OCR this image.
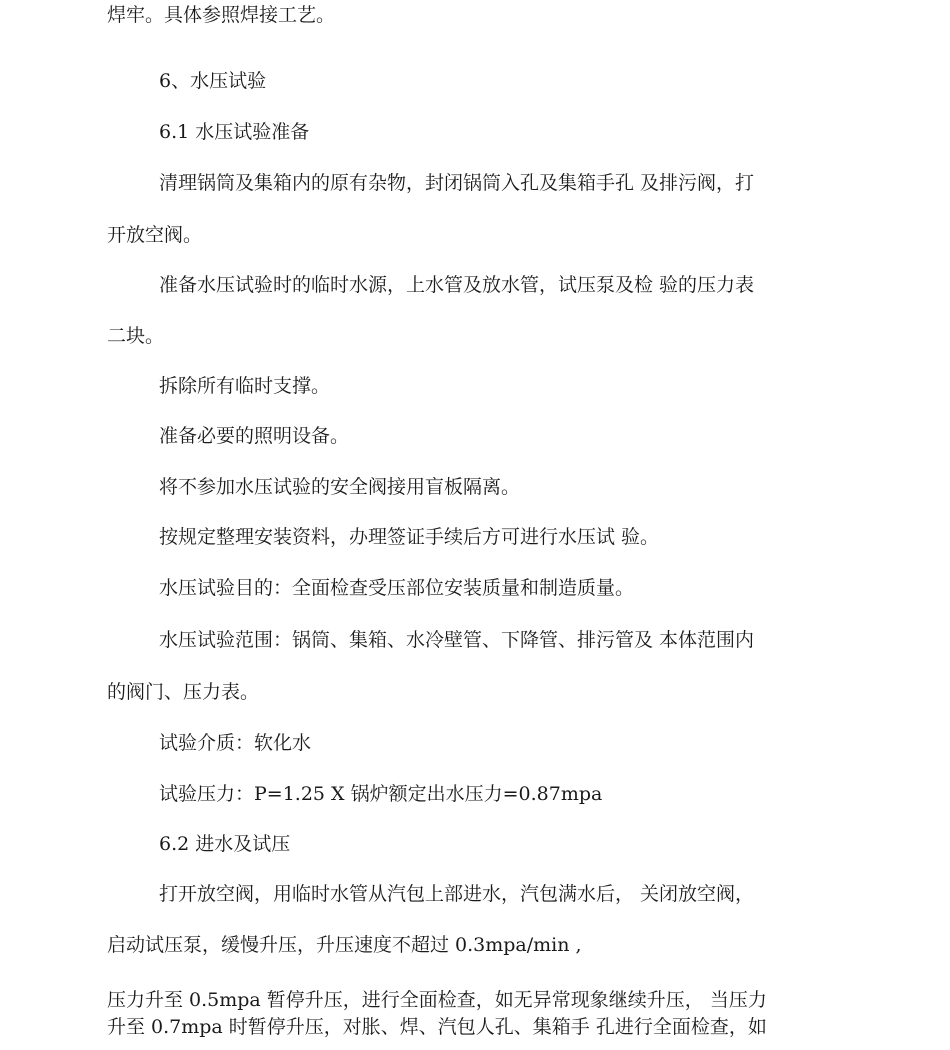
焊牢。具体参照焊接工艺。
6、水压试验
6.1 水压试验准备
清理锅筒及集箱内的原有杂物，封闭锅筒入孔及集箱手孔 及排污阀，打
开放空阀。
准备水压试验时的临时水源，上水管及放水管，试压泵及检 验的压力表
二块。
拆除所有临时支撑。
准备必要的照明设备。
将不参加水压试验的安全阀接用盲板隔离。
按规定整理安装资料，办理签证手续后方可进行水压试 验。
水压试验目的：全面检查受压部位安装质量和制造质量。
水压试验范围：锅筒、集箱、水冷壁管、下降管、排污管及 本体范围内
的阀门、压力表。
试验介质：软化水
试验压力：P=1.25 X 锅炉额定出水压力=0.87mpa
6.2 进水及试压
打开放空阀，用临时水管从汽包上部进水，汽包满水后， 关闭放空阀，
启动试压泵，缓慢升压，升压速度不超过 0.3mpa/min ,
压力升至 0.5mpa 暂停升压，进行全面检查，如无异常现象继续升压， 当压力
升至 0.7mpa 时暂停升压，对胀、焊、汽包人孔、集箱手 孔进行全面检查，如
